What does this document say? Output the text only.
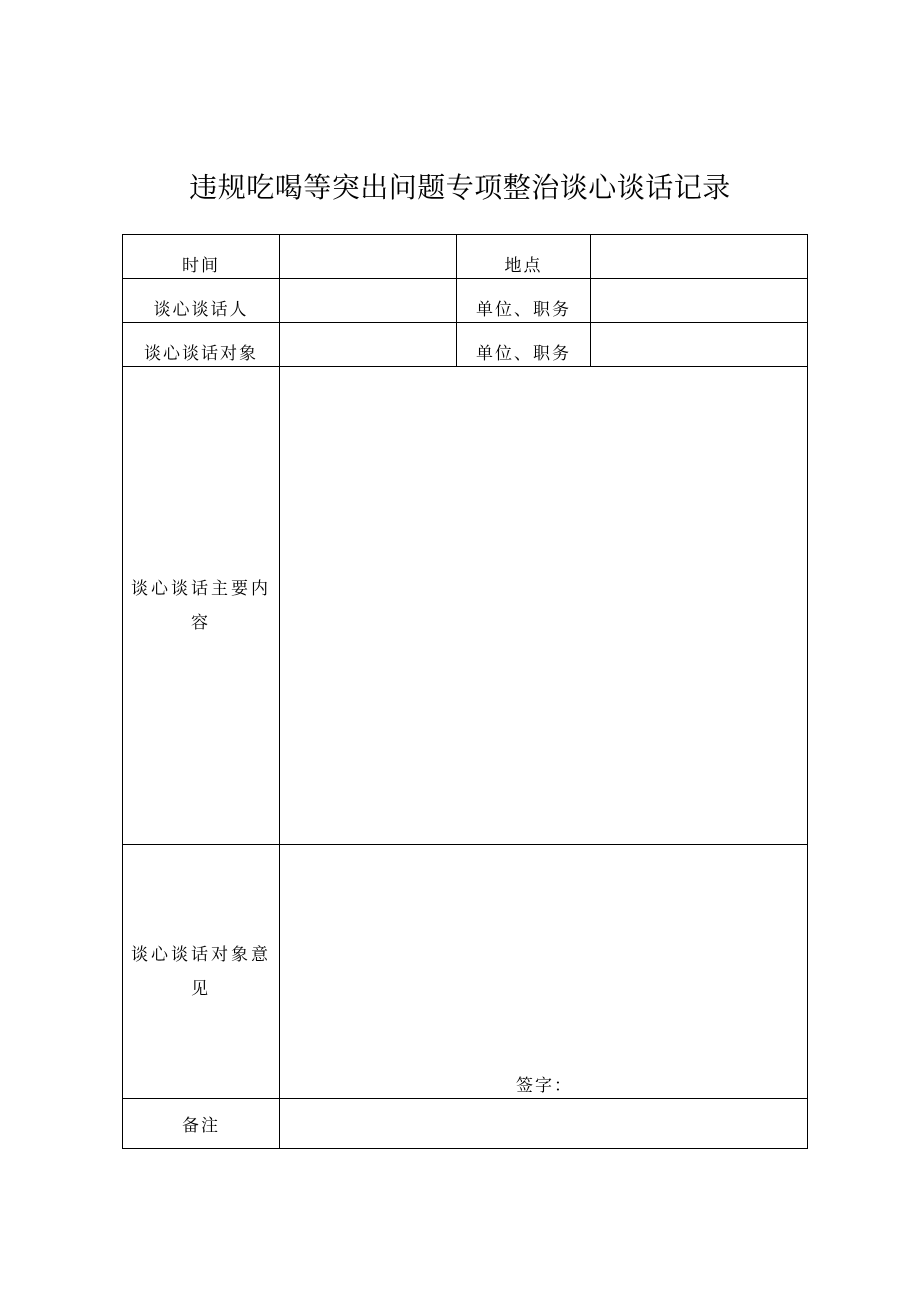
违规吃喝等突出问题专项整治谈心谈话记录
时间		地点	
谈心谈话人		单位、职务	
谈心谈话对象		单位、职务	
谈心谈话主要内容			
谈心谈话对象意见	签字：		

备注			
